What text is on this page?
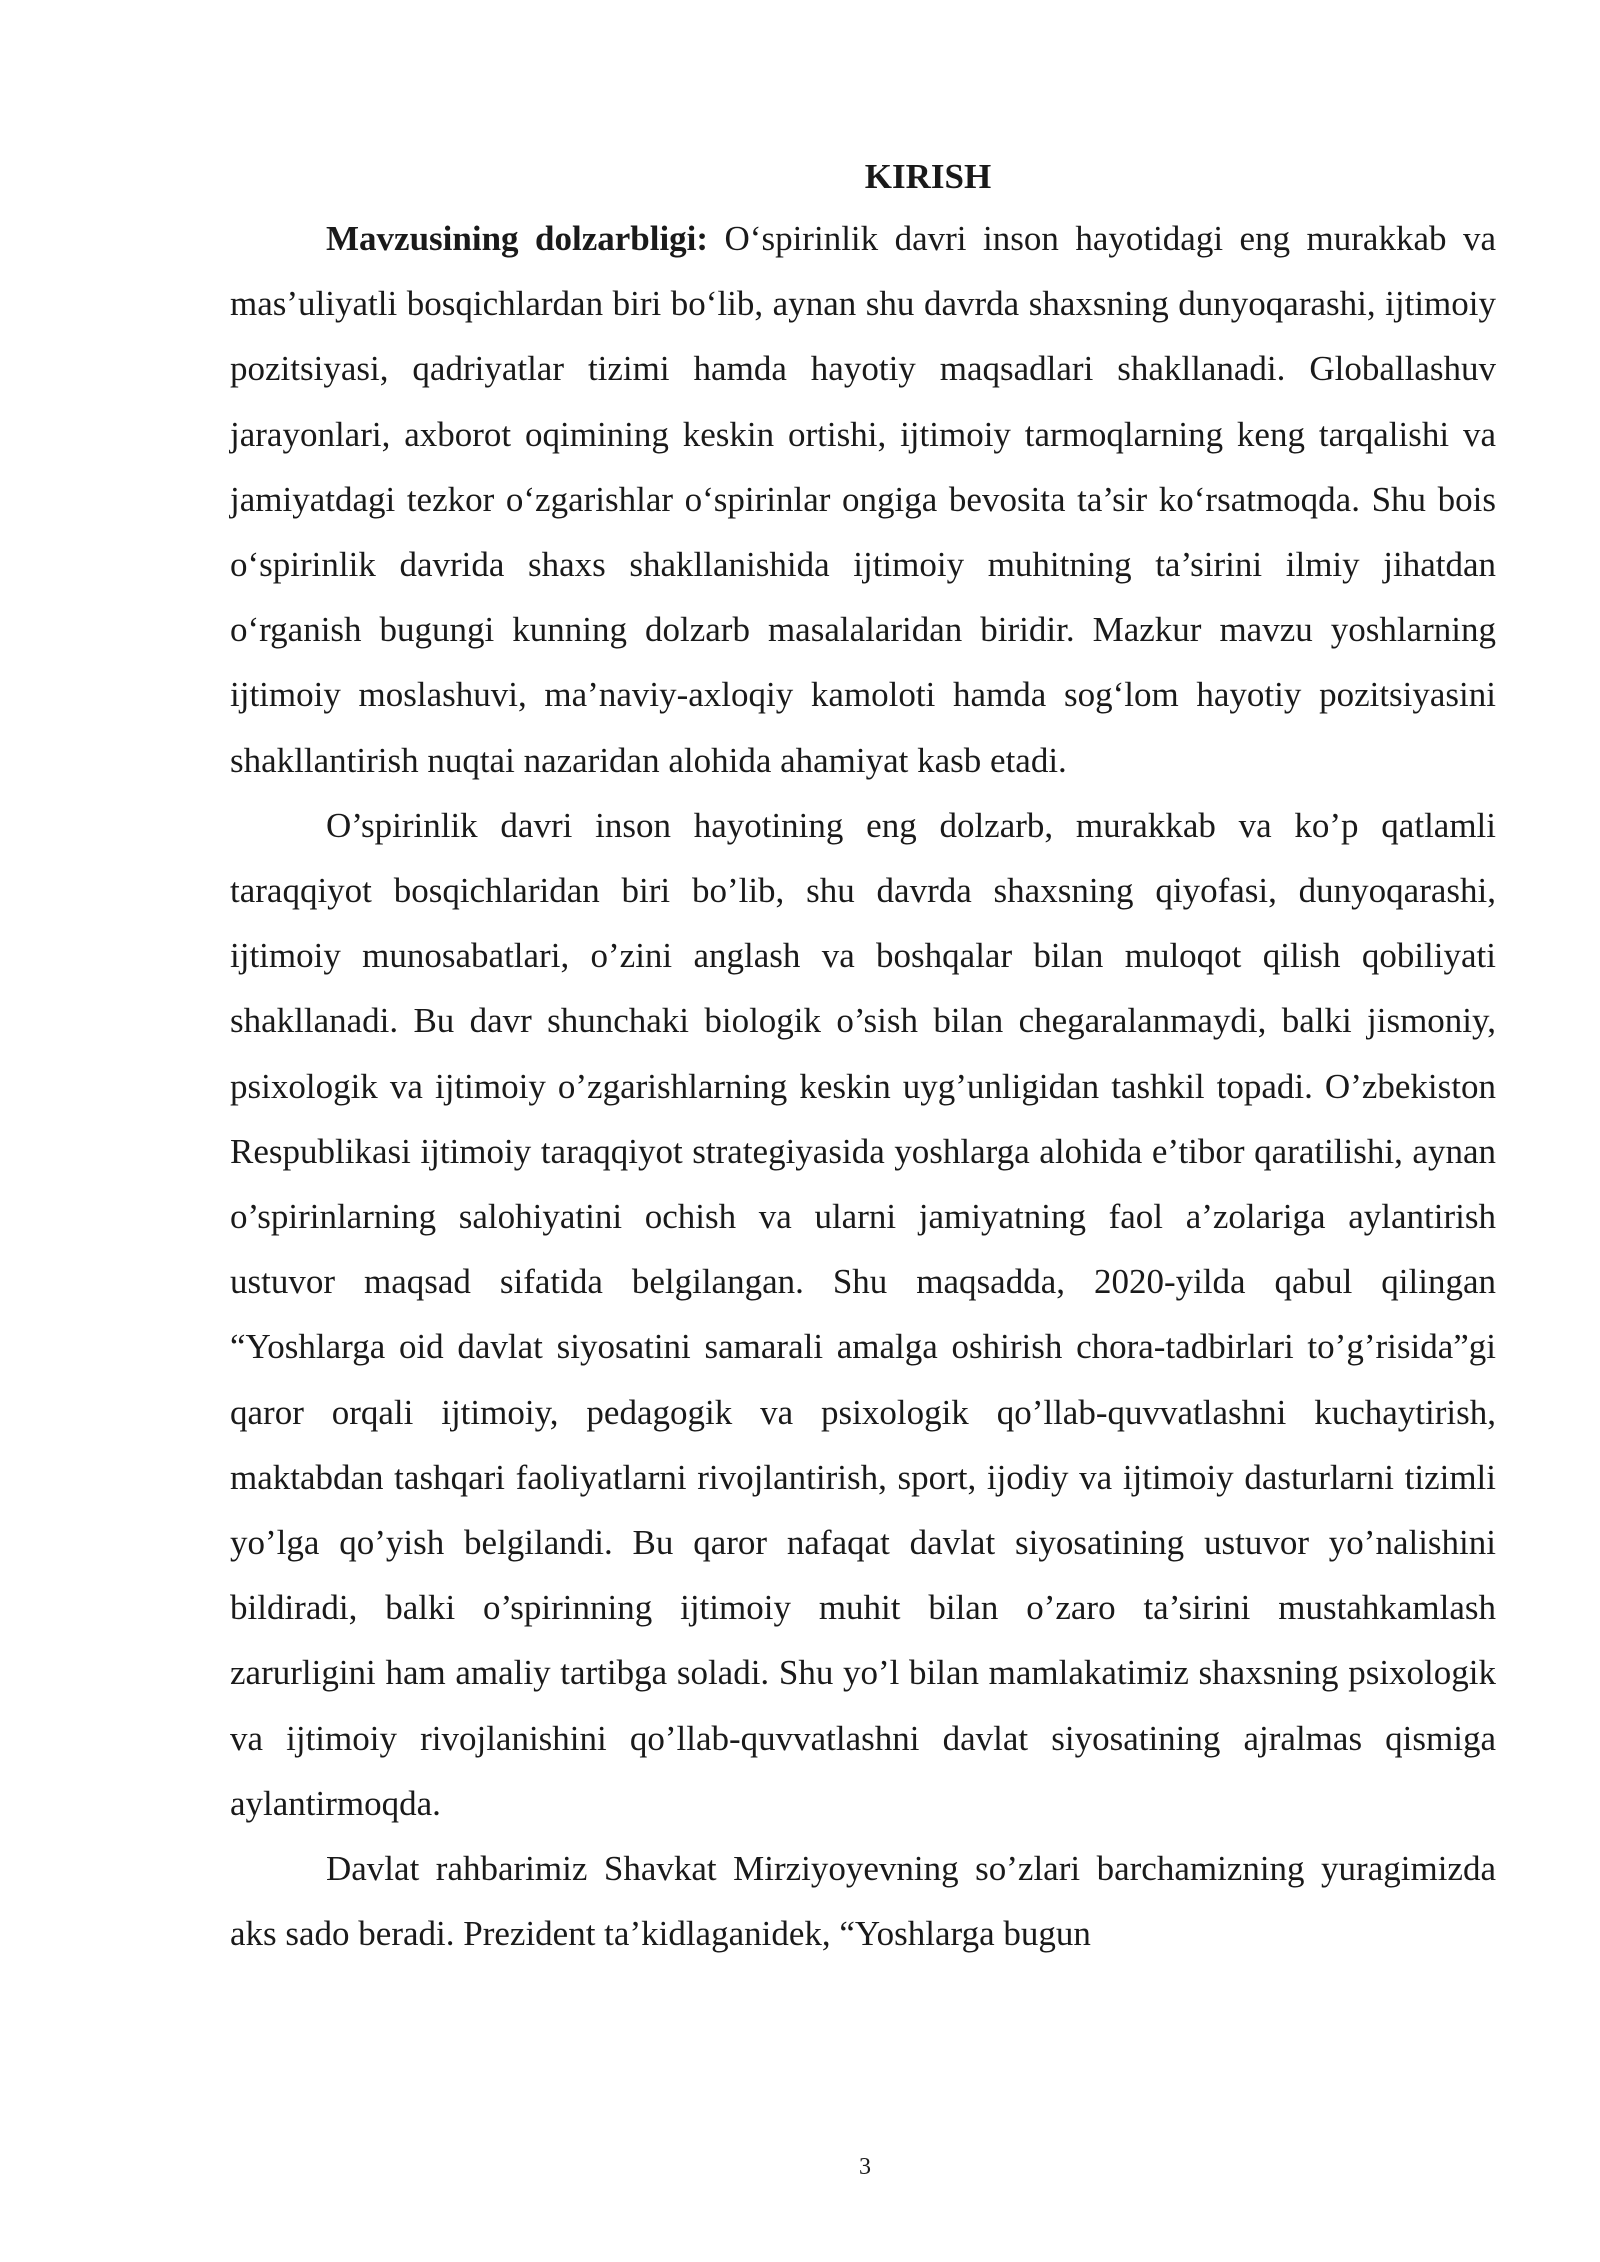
KIRISH

Mavzusining dolzarbligi: O‘spirinlik davri inson hayotidagi eng murakkab va mas’uliyatli bosqichlardan biri bo‘lib, aynan shu davrda shaxsning dunyoqarashi, ijtimoiy pozitsiyasi, qadriyatlar tizimi hamda hayotiy maqsadlari shakllanadi. Globallashuv jarayonlari, axborot oqimining keskin ortishi, ijtimoiy tarmoqlarning keng tarqalishi va jamiyatdagi tezkor o‘zgarishlar o‘spirinlar ongiga bevosita ta’sir ko‘rsatmoqda. Shu bois o‘spirinlik davrida shaxs shakllanishida ijtimoiy muhitning ta’sirini ilmiy jihatdan o‘rganish bugungi kunning dolzarb masalalaridan biridir. Mazkur mavzu yoshlarning ijtimoiy moslashuvi, ma’naviy-axloqiy kamoloti hamda sog‘lom hayotiy pozitsiyasini shakllantirish nuqtai nazaridan alohida ahamiyat kasb etadi.

O’spirinlik davri inson hayotining eng dolzarb, murakkab va ko’p qatlamli taraqqiyot bosqichlaridan biri bo’lib, shu davrda shaxsning qiyofasi, dunyoqarashi, ijtimoiy munosabatlari, o’zini anglash va boshqalar bilan muloqot qilish qobiliyati shakllanadi. Bu davr shunchaki biologik o’sish bilan chegaralanmaydi, balki jismoniy, psixologik va ijtimoiy o’zgarishlarning keskin uyg’unligidan tashkil topadi. O’zbekiston Respublikasi ijtimoiy taraqqiyot strategiyasida yoshlarga alohida e’tibor qaratilishi, aynan o’spirinlarning salohiyatini ochish va ularni jamiyatning faol a’zolariga aylantirish ustuvor maqsad sifatida belgilangan. Shu maqsadda, 2020-yilda qabul qilingan “Yoshlarga oid davlat siyosatini samarali amalga oshirish chora-tadbirlari to’g’risida”gi qaror orqali ijtimoiy, pedagogik va psixologik qo’llab-quvvatlashni kuchaytirish, maktabdan tashqari faoliyatlarni rivojlantirish, sport, ijodiy va ijtimoiy dasturlarni tizimli yo’lga qo’yish belgilandi. Bu qaror nafaqat davlat siyosatining ustuvor yo’nalishini bildiradi, balki o’spirinning ijtimoiy muhit bilan o’zaro ta’sirini mustahkamlash zarurligini ham amaliy tartibga soladi. Shu yo’l bilan mamlakatimiz shaxsning psixologik va ijtimoiy rivojlanishini qo’llab-quvvatlashni davlat siyosatining ajralmas qismiga aylantirmoqda.

Davlat rahbarimiz Shavkat Mirziyoyevning so’zlari barchamizning yuragimizda aks sado beradi. Prezident ta’kidlaganidek, “Yoshlarga bugun

3
